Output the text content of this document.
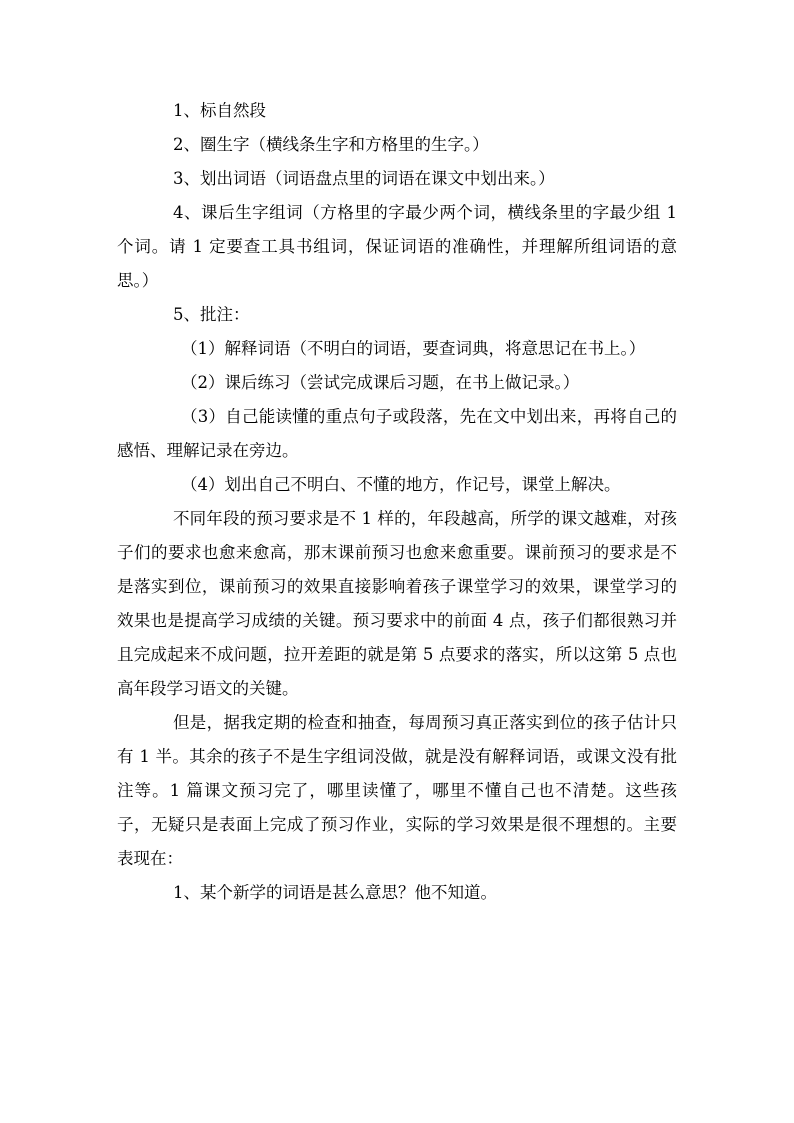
1、标自然段

2、圈生字（横线条生字和方格里的生字。）

3、划出词语（词语盘点里的词语在课文中划出来。）

4、课后生字组词（方格里的字最少两个词，横线条里的字最少组 1 个词。请 1 定要查工具书组词，保证词语的准确性，并理解所组词语的意思。）

5、批注：

（1）解释词语（不明白的词语，要查词典，将意思记在书上。）

（2）课后练习（尝试完成课后习题，在书上做记录。）

（3）自己能读懂的重点句子或段落，先在文中划出来，再将自己的感悟、理解记录在旁边。

（4）划出自己不明白、不懂的地方，作记号，课堂上解决。

不同年段的预习要求是不 1 样的，年段越高，所学的课文越难，对孩子们的要求也愈来愈高，那末课前预习也愈来愈重要。课前预习的要求是不是落实到位，课前预习的效果直接影响着孩子课堂学习的效果，课堂学习的效果也是提高学习成绩的关键。预习要求中的前面 4 点，孩子们都很熟习并且完成起来不成问题，拉开差距的就是第 5 点要求的落实，所以这第 5 点也高年段学习语文的关键。

但是，据我定期的检查和抽查，每周预习真正落实到位的孩子估计只有 1 半。其余的孩子不是生字组词没做，就是没有解释词语，或课文没有批注等。1 篇课文预习完了，哪里读懂了，哪里不懂自己也不清楚。这些孩子，无疑只是表面上完成了预习作业，实际的学习效果是很不理想的。主要表现在：

1、某个新学的词语是甚么意思？他不知道。
